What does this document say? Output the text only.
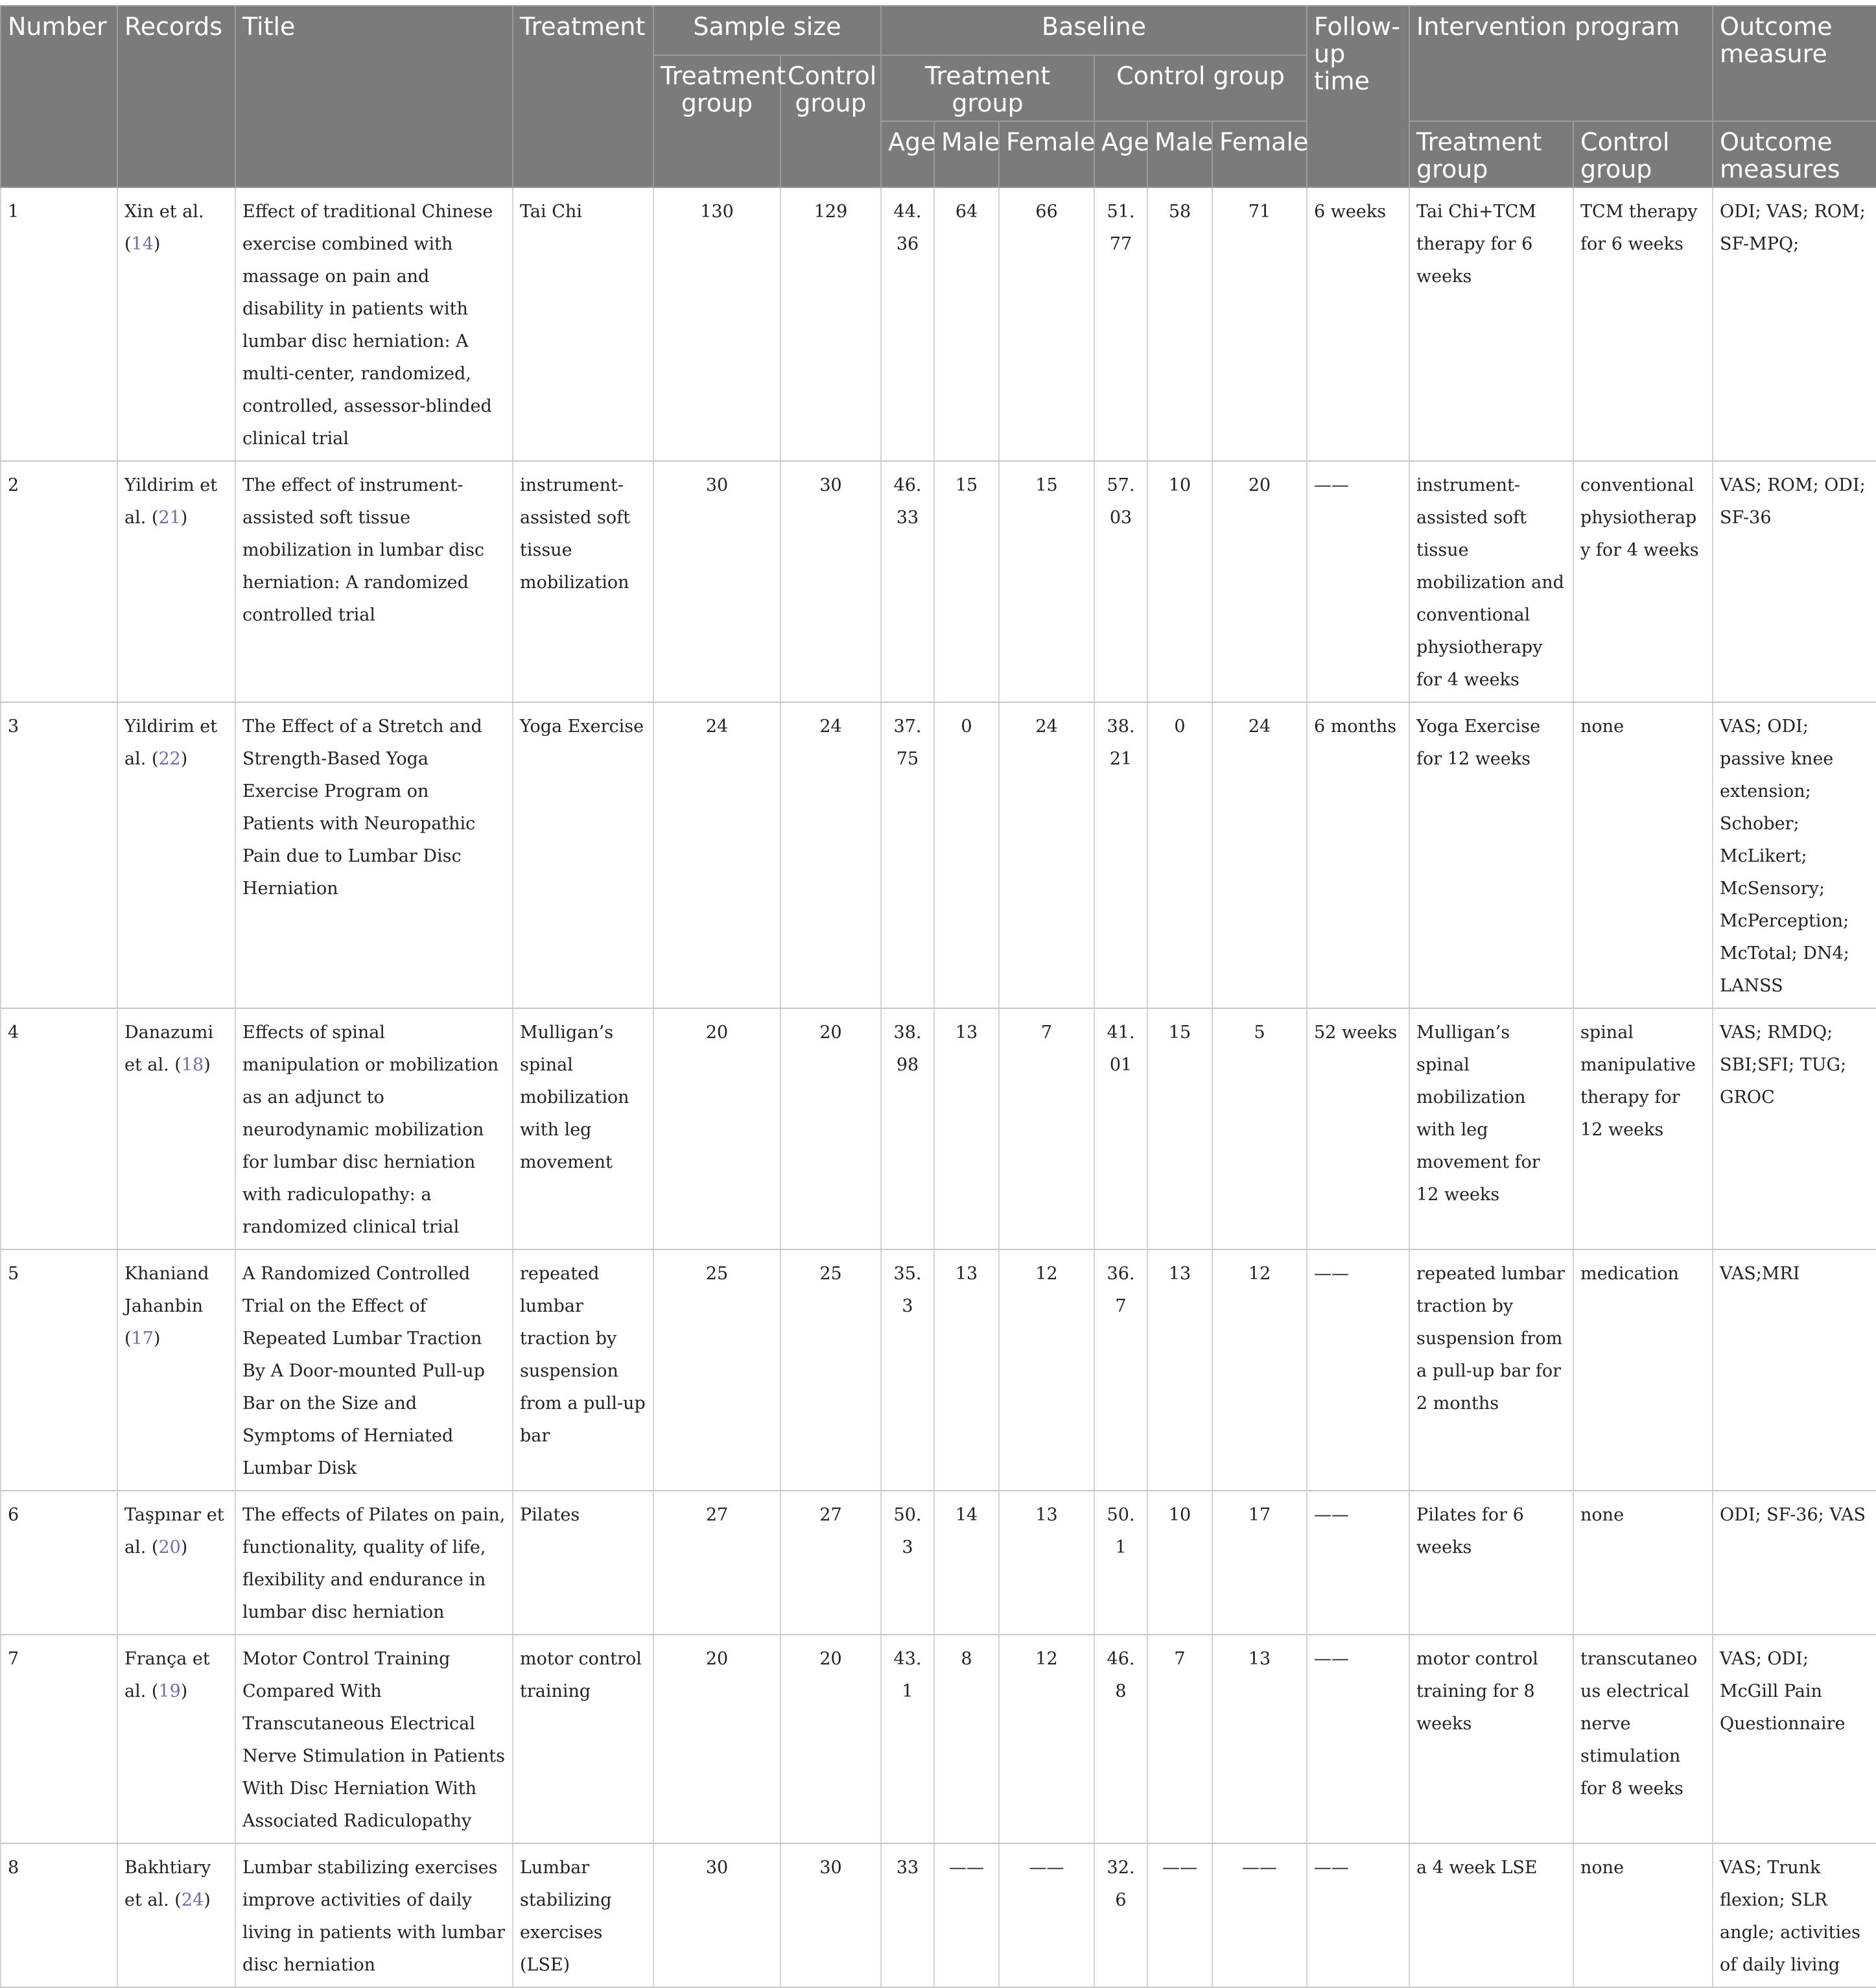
Number	Records	Title	Treatment	Sample size		Baseline						Follow-up time	Intervention program		Outcome measure
				Treatment group	Control group	Treatment group			Control group						
						Age	Male	Female	Age	Male	Female		Treatment group	Control group	Outcome measures
1	Xin et al. (14)	Effect of traditional Chinese exercise combined with massage on pain and disability in patients with lumbar disc herniation: A multi-center, randomized, controlled, assessor-blinded clinical trial	Tai Chi	130	129	44.36	64	66	51.77	58	71	6 weeks	Tai Chi+TCM therapy for 6 weeks	TCM therapy for 6 weeks	ODI; VAS; ROM; SF-MPQ;
2	Yildirim et al. (21)	The effect of instrument-assisted soft tissue mobilization in lumbar disc herniation: A randomized controlled trial	instrument-assisted soft tissue mobilization	30	30	46.33	15	15	57.03	10	20	——	instrument-assisted soft tissue mobilization and conventional physiotherapy for 4 weeks	conventional physiotherapy for 4 weeks	VAS; ROM; ODI; SF-36
3	Yildirim et al. (22)	The Effect of a Stretch and Strength-Based Yoga Exercise Program on Patients with Neuropathic Pain due to Lumbar Disc Herniation	Yoga Exercise	24	24	37.75	0	24	38.21	0	24	6 months	Yoga Exercise for 12 weeks	none	VAS; ODI; passive knee extension; Schober; McLikert; McSensory; McPerception; McTotal; DN4; LANSS
4	Danazumi et al. (18)	Effects of spinal manipulation or mobilization as an adjunct to neurodynamic mobilization for lumbar disc herniation with radiculopathy: a randomized clinical trial	Mulligan’s spinal mobilization with leg movement	20	20	38.98	13	7	41.01	15	5	52 weeks	Mulligan’s spinal mobilization with leg movement for 12 weeks	spinal manipulative therapy for 12 weeks	VAS; RMDQ; SBI;SFI; TUG; GROC
5	Khaniand Jahanbin (17)	A Randomized Controlled Trial on the Effect of Repeated Lumbar Traction By A Door-mounted Pull-up Bar on the Size and Symptoms of Herniated Lumbar Disk	repeated lumbar traction by suspension from a pull-up bar	25	25	35.3	13	12	36.7	13	12	——	repeated lumbar traction by suspension from a pull-up bar for 2 months	medication	VAS;MRI
6	Taşpınar et al. (20)	The effects of Pilates on pain, functionality, quality of life, flexibility and endurance in lumbar disc herniation	Pilates	27	27	50.3	14	13	50.1	10	17	——	Pilates for 6 weeks	none	ODI; SF-36; VAS
7	França et al. (19)	Motor Control Training Compared With Transcutaneous Electrical Nerve Stimulation in Patients With Disc Herniation With Associated Radiculopathy	motor control training	20	20	43.1	8	12	46.8	7	13	——	motor control training for 8 weeks	transcutaneous electrical nerve stimulation for 8 weeks	VAS; ODI; McGill Pain Questionnaire
8	Bakhtiary et al. (24)	Lumbar stabilizing exercises improve activities of daily living in patients with lumbar disc herniation	Lumbar stabilizing exercises (LSE)	30	30	33	——	——	32.6	——	——	——	a 4 week LSE	none	VAS; Trunk flexion; SLR angle; activities of daily living
